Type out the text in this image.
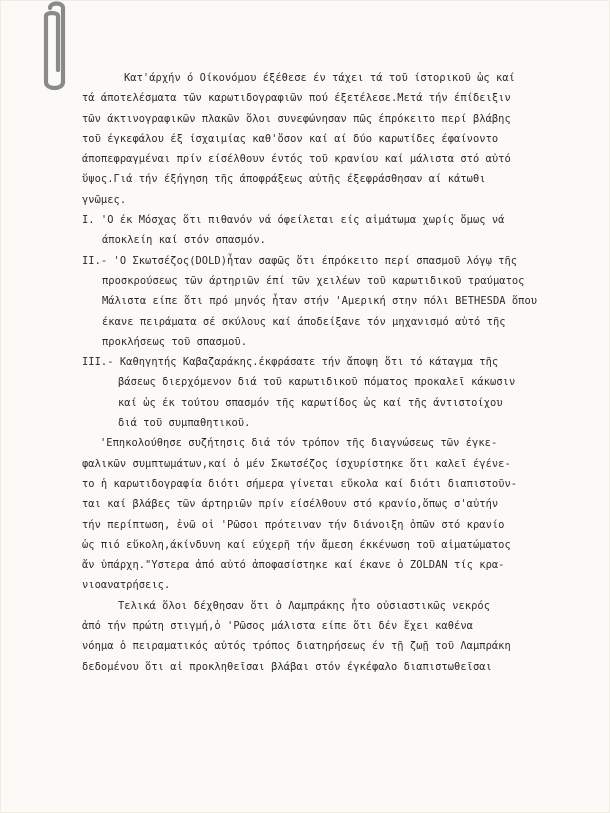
Κατ'άρχήν ό Οίκονόμου έξέθεσε έν τάχει τά τοῦ ίστορικοῦ ὡς καί
τά άποτελέσματα τῶν καρωτιδογραφιῶν πού έξετέλεσε.Μετά τήν έπίδειξιν
τῶν άκτινογραφικῶν πλακῶν ὅλοι συνεφώνησαν πῶς έπρόκειτο περί βλάβης
τοῦ έγκεφάλου έξ ίσχαιμίας καθ'ὅσον καί αί δύο καρωτίδες έφαίνοντο
άποπεφραγμέναι πρίν είσέλθουν έντός τοῦ κρανίου καί μάλιστα στό αὐτό
ὕψος.Γιά τήν έξήγηση τῆς άποφράξεως αὐτῆς έξεφράσθησαν αί κάτωθι
γνῶμες.
I. 'Ο έκ Μόσχας ὅτι πιθανόν νά όφείλεται είς αἱμάτωμα χωρίς ὅμως νά
άποκλείη καί στόν σπασμόν.
II.- 'Ο Σκωτσέζος(DOLD)ἦταν σαφῶς ὅτι έπρόκειτο περί σπασμοῦ λόγῳ τῆς
προσκρούσεως τῶν άρτηριῶν έπί τῶν χειλέων τοῦ καρωτιδικοῦ τραύματος
Μάλιστα είπε ὅτι πρό μηνός ἦταν στήν 'Αμερική στην πόλι BETHESDA ὅπου
έκανε πειράματα σέ σκύλους καί άποδείξανε τόν μηχανισμό αὐτό τῆς
προκλήσεως τοῦ σπασμοῦ.
III.- Καθηγητής Καβαζαράκης.έκφράσατε τήν ἄποψη ὅτι τό κάταγμα τῆς
βάσεως διερχόμενον διά τοῦ καρωτιδικοῦ πόματος προκαλεῖ κάκωσιν
καί ὡς έκ τούτου σπασμόν τῆς καρωτίδος ὡς καί τῆς άντιστοίχου
διά τοῦ συμπαθητικοῦ.
'Επηκολούθησε συζήτησις διά τόν τρόπον τῆς διαγνώσεως τῶν έγκε-
φαλικῶν συμπτωμάτων,καί ὁ μέν Σκωτσέζος ίσχυρίστηκε ὅτι καλεῖ έγένε-
το ἡ καρωτιδογραφία διότι σήμερα γίνεται εὔκολα καί διότι διαπιστοῦν-
ται καί βλάβες τῶν άρτηριῶν πρίν είσέλθουν στό κρανίο,ὅπως σ'αὐτήν
τήν περίπτωση, ἐνῶ οἱ 'Ρῶσοι πρότειναν τήν διάνοιξη ὀπῶν στό κρανίο
ὡς πιό εὔκολη,άκίνδυνη καί εύχερῆ τήν ἄμεση έκκένωση τοῦ αἱματώματος
ἄν ὑπάρχη."Υστερα ἀπό αὐτό ἀποφασίστηκε καί έκανε ὁ ZOLDAN τίς κρα-
νιοανατρήσεις.
Τελικά ὅλοι δέχθησαν ὅτι ὁ Λαμπράκης ἦτο οὐσιαστικῶς νεκρός
ἀπό τήν πρώτη στιγμή,ὁ 'Ρῶσος μάλιστα είπε ὅτι δέν ἔχει καθένα
νόημα ὁ πειραματικός αὐτός τρόπος διατηρήσεως έν τῇ ζωῇ τοῦ Λαμπράκη
δεδομένου ὅτι αἱ προκληθεῖσαι βλάβαι στόν έγκέφαλο διαπιστωθεῖσαι
